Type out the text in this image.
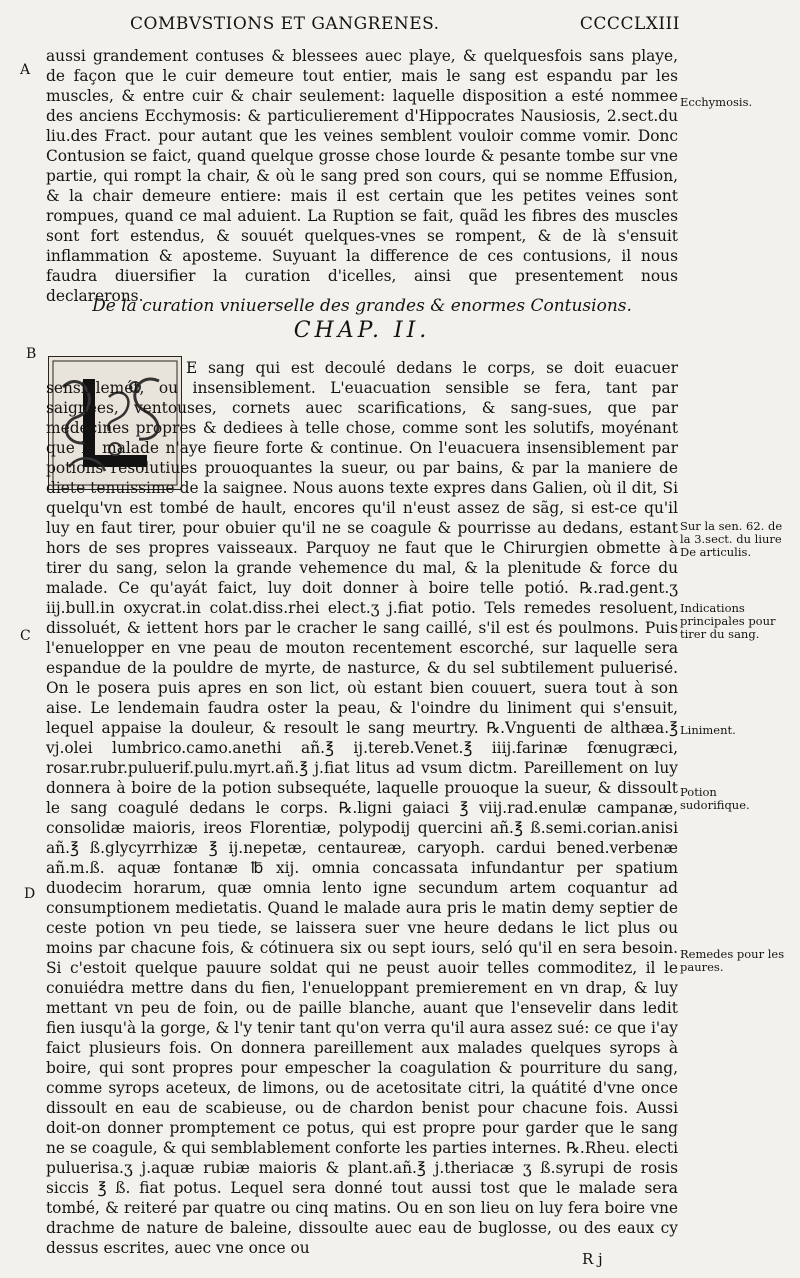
COMBVSTIONS ET GANGRENES.	CCCCLXIII
A
B
C
D

aussi grandement contuses & blessees auec playe, & quelquesfois sans playe, de façon que le cuir demeure tout entier, mais le sang est espandu par les muscles, & entre cuir & chair seulement: laquelle disposition a esté nommee des anciens Ecchymosis: & particulierement d'Hippocrates Nausiosis, 2.sect.du liu.des Fract. pour autant que les veines semblent vouloir comme vomir. Donc Contusion se faict, quand quelque grosse chose lourde & pesante tombe sur vne partie, qui rompt la chair, & où le sang pred son cours, qui se nomme Effusion, & la chair demeure entiere: mais il est certain que les petites veines sont rompues, quand ce mal aduient. La Ruption se fait, quãd les fibres des muscles sont fort estendus, & souuét quelques-vnes se rompent, & de là s'ensuit inflammation & aposteme. Suyuant la difference de ces contusions, il nous faudra diuersifier la curation d'icelles, ainsi que presentement nous declarerons.

De la curation vniuerselle des grandes & enormes Contusions.
CHAP. II.

E sang qui est decoulé dedans le corps, se doit euacuer sensiblemét, ou insensiblement. L'euacuation sensible se fera, tant par saignees, ventouses, cornets auec scarifications, & sang-sues, que par medecines propres & dediees à telle chose, comme sont les solutifs, moyénant que le malade n'aye fieure forte & continue. On l'euacuera insensiblement par potions resolutiues prouoquantes la sueur, ou par bains, & par la maniere de diete tenuissime de la saignee. Nous auons texte expres dans Galien, où il dit, Si quelqu'vn est tombé de hault, encores qu'il n'eust assez de sãg, si est-ce qu'il luy en faut tirer, pour obuier qu'il ne se coagule & pourrisse au dedans, estant hors de ses propres vaisseaux. Parquoy ne faut que le Chirurgien obmette à tirer du sang, selon la grande vehemence du mal, & la plenitude & force du malade. Ce qu'ayát faict, luy doit donner à boire telle potió. ℞.rad.gent.ʒ iij.bull.in oxycrat.in colat.diss.rhei elect.ʒ j.fiat potio. Tels remedes resoluent, dissoluét, & iettent hors par le cracher le sang caillé, s'il est és poulmons. Puis l'enuelopper en vne peau de mouton recentement escorché, sur laquelle sera espandue de la pouldre de myrte, de nasturce, & du sel subtilement puluerisé. On le posera puis apres en son lict, où estant bien couuert, suera tout à son aise. Le lendemain faudra oster la peau, & l'oindre du liniment qui s'ensuit, lequel appaise la douleur, & resoult le sang meurtry. ℞.Vnguenti de althæa.℥ vj.olei lumbrico.camo.anethi añ.℥ ij.tereb.Venet.℥ iiij.farinæ fœnugræci, rosar.rubr.puluerif.pulu.myrt.añ.℥ j.fiat litus ad vsum dictm. Pareillement on luy donnera à boire de la potion subsequéte, laquelle prouoque la sueur, & dissoult le sang coagulé dedans le corps. ℞.ligni gaiaci ℥ viij.rad.enulæ campanæ, consolidæ maioris, ireos Florentiæ, polypodij quercini añ.℥ ß.semi.corian.anisi añ.℥ ß.glycyrrhizæ ℥ ij.nepetæ, centaureæ, caryoph. cardui bened.verbenæ añ.m.ß. aquæ fontanæ ℔ xij. omnia concassata infundantur per spatium duodecim horarum, quæ omnia lento igne secundum artem coquantur ad consumptionem medietatis. Quand le malade aura pris le matin demy septier de ceste potion vn peu tiede, se laissera suer vne heure dedans le lict plus ou moins par chacune fois, & cótinuera six ou sept iours, seló qu'il en sera besoin. Si c'estoit quelque pauure soldat qui ne peust auoir telles commoditez, il le conuiédra mettre dans du fien, l'enueloppant premierement en vn drap, & luy mettant vn peu de foin, ou de paille blanche, auant que l'ensevelir dans ledit fien iusqu'à la gorge, & l'y tenir tant qu'on verra qu'il aura assez sué: ce que i'ay faict plusieurs fois. On donnera pareillement aux malades quelques syrops à boire, qui sont propres pour empescher la coagulation & pourriture du sang, comme syrops aceteux, de limons, ou de acetositate citri, la quátité d'vne once dissoult en eau de scabieuse, ou de chardon benist pour chacune fois. Aussi doit-on donner promptement ce potus, qui est propre pour garder que le sang ne se coagule, & qui semblablement conforte les parties internes. ℞.Rheu. electi puluerisa.ʒ j.aquæ rubiæ maioris & plant.añ.℥ j.theriacæ ʒ ß.syrupi de rosis siccis ℥ ß. fiat potus. Lequel sera donné tout aussi tost que le malade sera tombé, & reiteré par quatre ou cinq matins. Ou en son lieu on luy fera boire vne drachme de nature de baleine, dissoulte auec eau de buglosse, ou des eaux cy dessus escrites, auec vne once ou

Ecchymosis.
Sur la sen. 62. de la 3.sect. du liure De articulis.
Indications principales pour tirer du sang.
Liniment.
Potion sudorifique.
Remedes pour les paures.
R j
